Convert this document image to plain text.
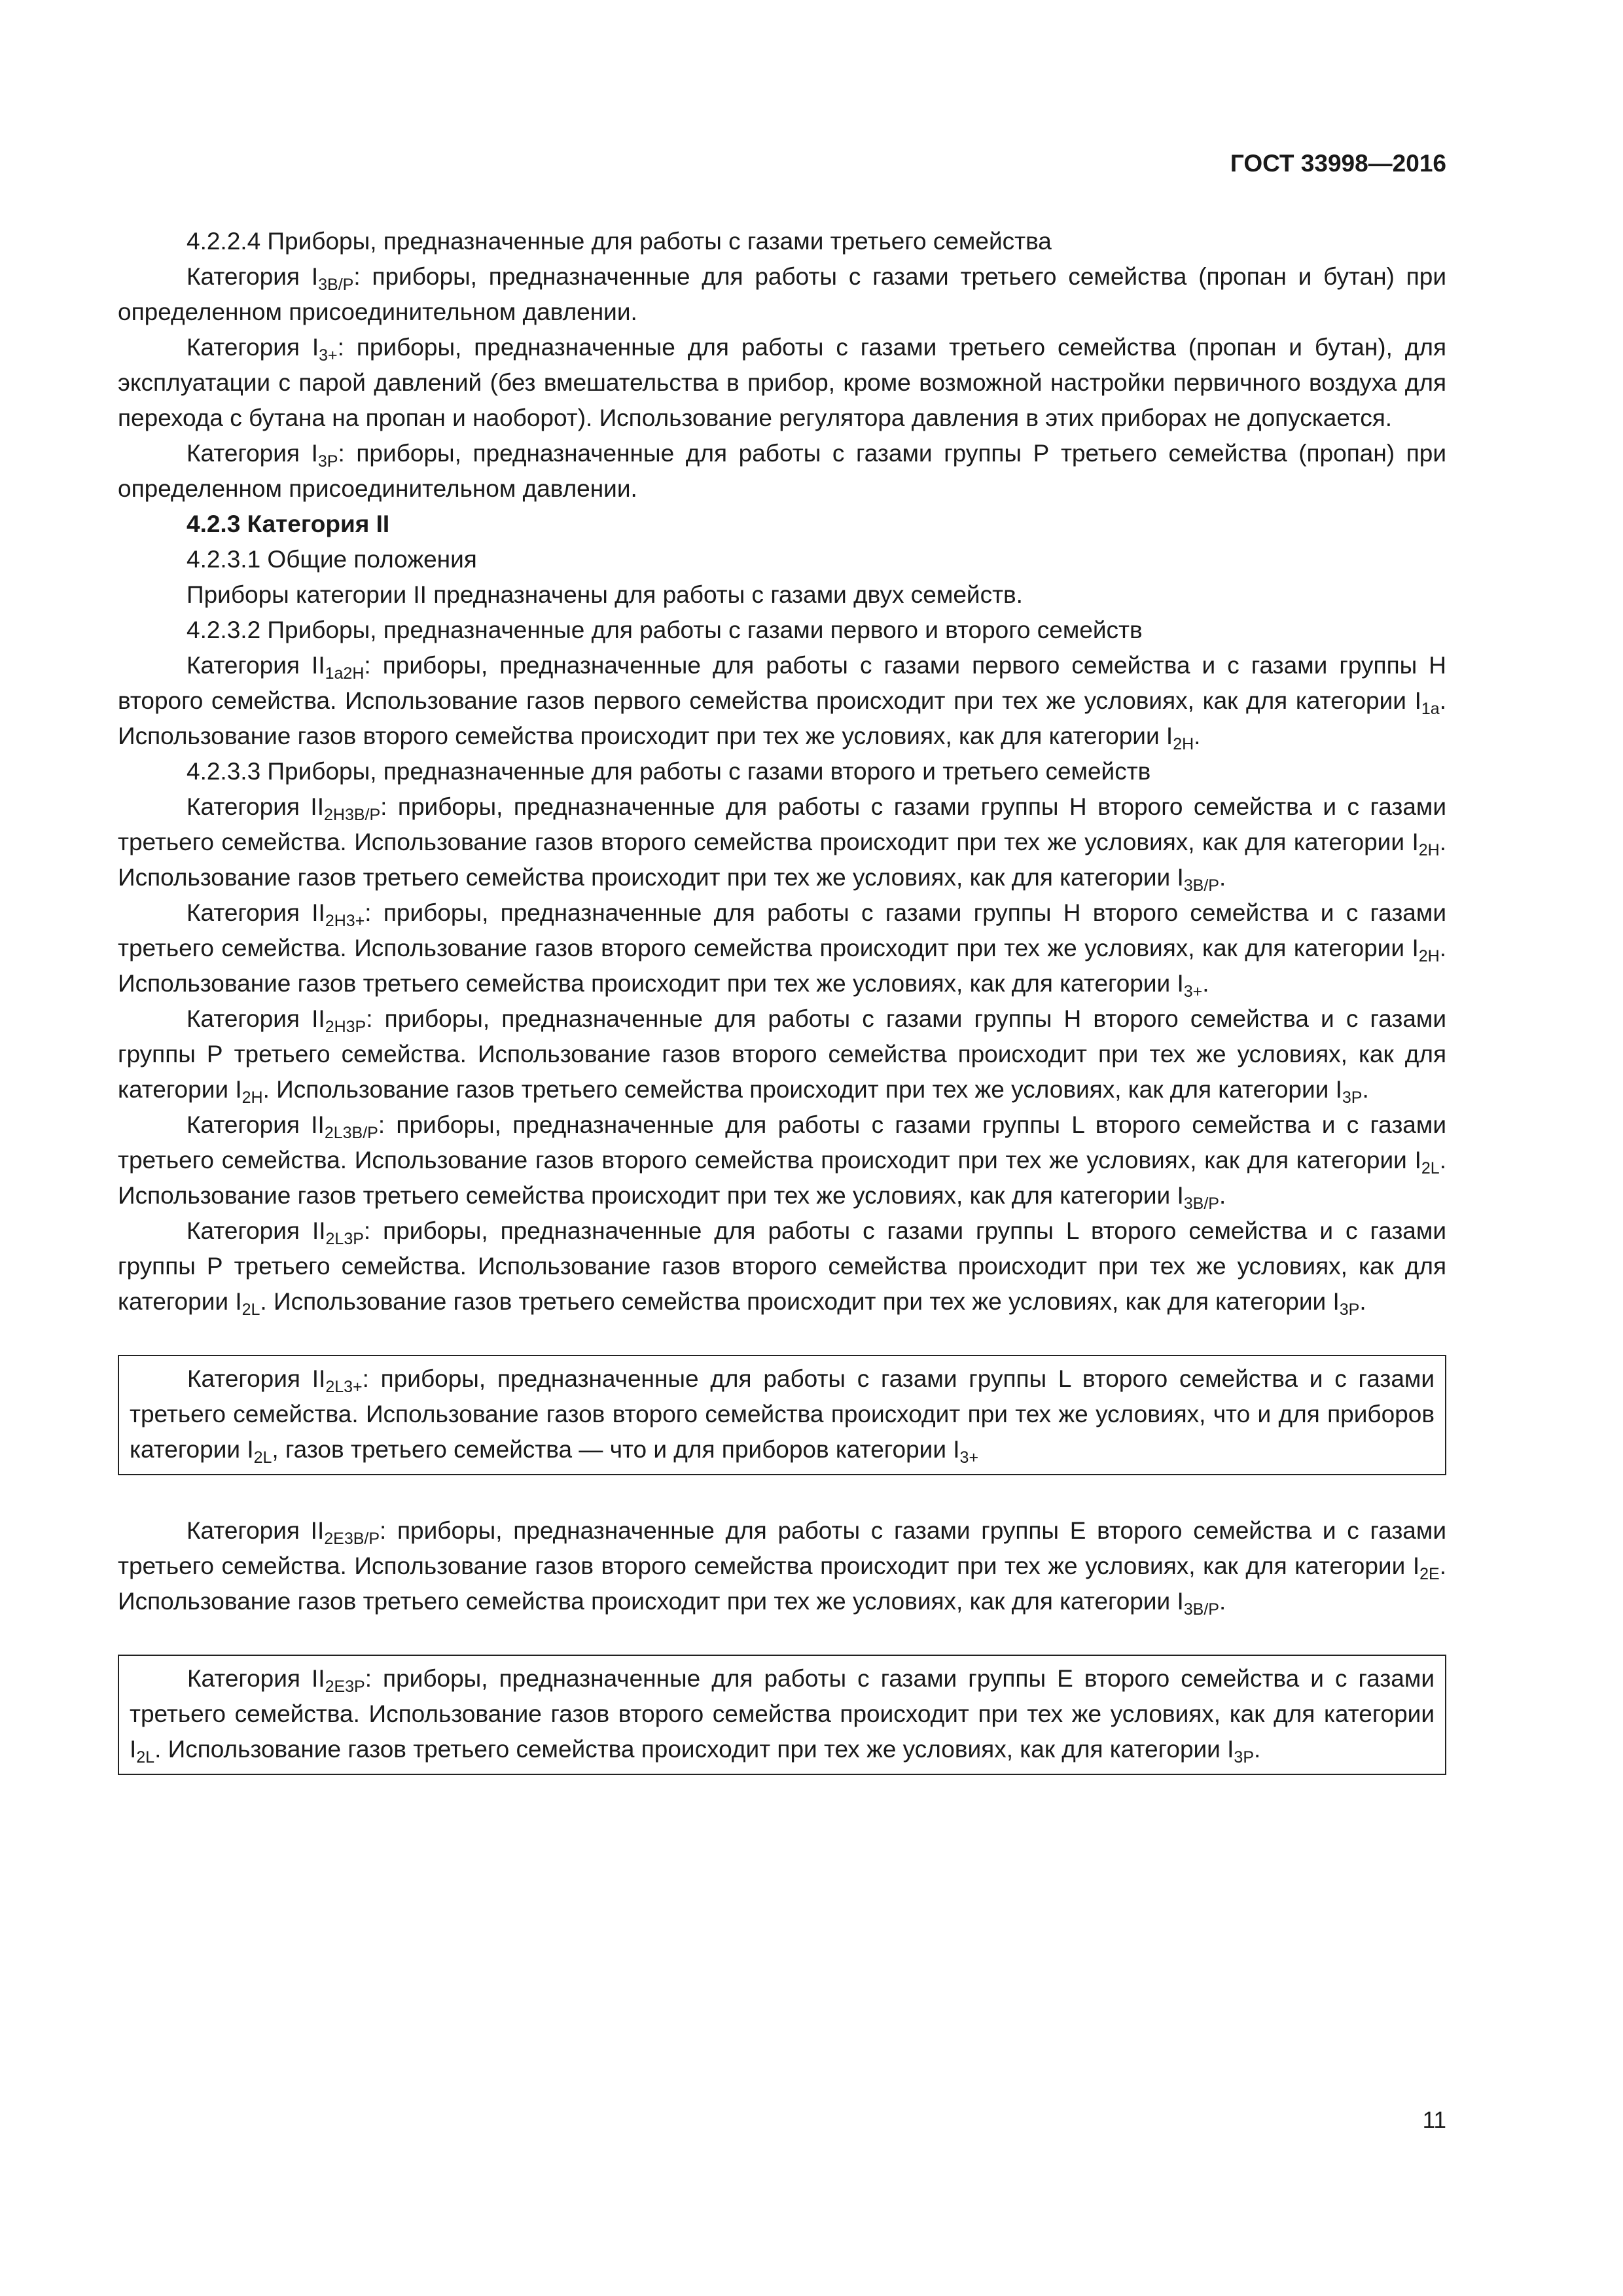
ГОСТ 33998—2016

4.2.2.4 Приборы, предназначенные для работы с газами третьего семейства

Категория $I_{3B/P}$: приборы, предназначенные для работы с газами третьего семейства (пропан и бутан) при определенном присоединительном давлении.

Категория $I_{3+}$: приборы, предназначенные для работы с газами третьего семейства (пропан и бутан), для эксплуатации с парой давлений (без вмешательства в прибор, кроме возможной настройки первичного воздуха для перехода с бутана на пропан и наоборот). Использование регулятора давления в этих приборах не допускается.

Категория $I_{3P}$: приборы, предназначенные для работы с газами группы Р третьего семейства (пропан) при определенном присоединительном давлении.

4.2.3 Категория II

4.2.3.1 Общие положения

Приборы категории II предназначены для работы с газами двух семейств.

4.2.3.2 Приборы, предназначенные для работы с газами первого и второго семейств

Категория $II_{1a2H}$: приборы, предназначенные для работы с газами первого семейства и с газами группы Н второго семейства. Использование газов первого семейства происходит при тех же условиях, как для категории $I_{1a}$. Использование газов второго семейства происходит при тех же условиях, как для категории $I_{2H}$.

4.2.3.3 Приборы, предназначенные для работы с газами второго и третьего семейств

Категория $II_{2H3B/P}$: приборы, предназначенные для работы с газами группы Н второго семейства и с газами третьего семейства. Использование газов второго семейства происходит при тех же условиях, как для категории $I_{2H}$. Использование газов третьего семейства происходит при тех же условиях, как для категории $I_{3B/P}$.

Категория $II_{2H3+}$: приборы, предназначенные для работы с газами группы Н второго семейства и с газами третьего семейства. Использование газов второго семейства происходит при тех же условиях, как для категории $I_{2H}$. Использование газов третьего семейства происходит при тех же условиях, как для категории $I_{3+}$.

Категория $II_{2H3P}$: приборы, предназначенные для работы с газами группы Н второго семейства и с газами группы Р третьего семейства. Использование газов второго семейства происходит при тех же условиях, как для категории $I_{2H}$. Использование газов третьего семейства происходит при тех же условиях, как для категории $I_{3P}$.

Категория $II_{2L3B/P}$: приборы, предназначенные для работы с газами группы L второго семейства и с газами третьего семейства. Использование газов второго семейства происходит при тех же условиях, как для категории $I_{2L}$. Использование газов третьего семейства происходит при тех же условиях, как для категории $I_{3B/P}$.

Категория $II_{2L3P}$: приборы, предназначенные для работы с газами группы L второго семейства и с газами группы Р третьего семейства. Использование газов второго семейства происходит при тех же условиях, как для категории $I_{2L}$. Использование газов третьего семейства происходит при тех же условиях, как для категории $I_{3P}$.

Категория $II_{2L3+}$: приборы, предназначенные для работы с газами группы L второго семейства и с газами третьего семейства. Использование газов второго семейства происходит при тех же условиях, что и для приборов категории $I_{2L}$, газов третьего семейства — что и для приборов категории $I_{3+}$

Категория $II_{2E3B/P}$: приборы, предназначенные для работы с газами группы Е второго семейства и с газами третьего семейства. Использование газов второго семейства происходит при тех же условиях, как для категории $I_{2E}$. Использование газов третьего семейства происходит при тех же условиях, как для категории $I_{3B/P}$.

Категория $II_{2E3P}$: приборы, предназначенные для работы с газами группы Е второго семейства и с газами третьего семейства. Использование газов второго семейства происходит при тех же условиях, как для категории $I_{2L}$. Использование газов третьего семейства происходит при тех же условиях, как для категории $I_{3P}$.

11
